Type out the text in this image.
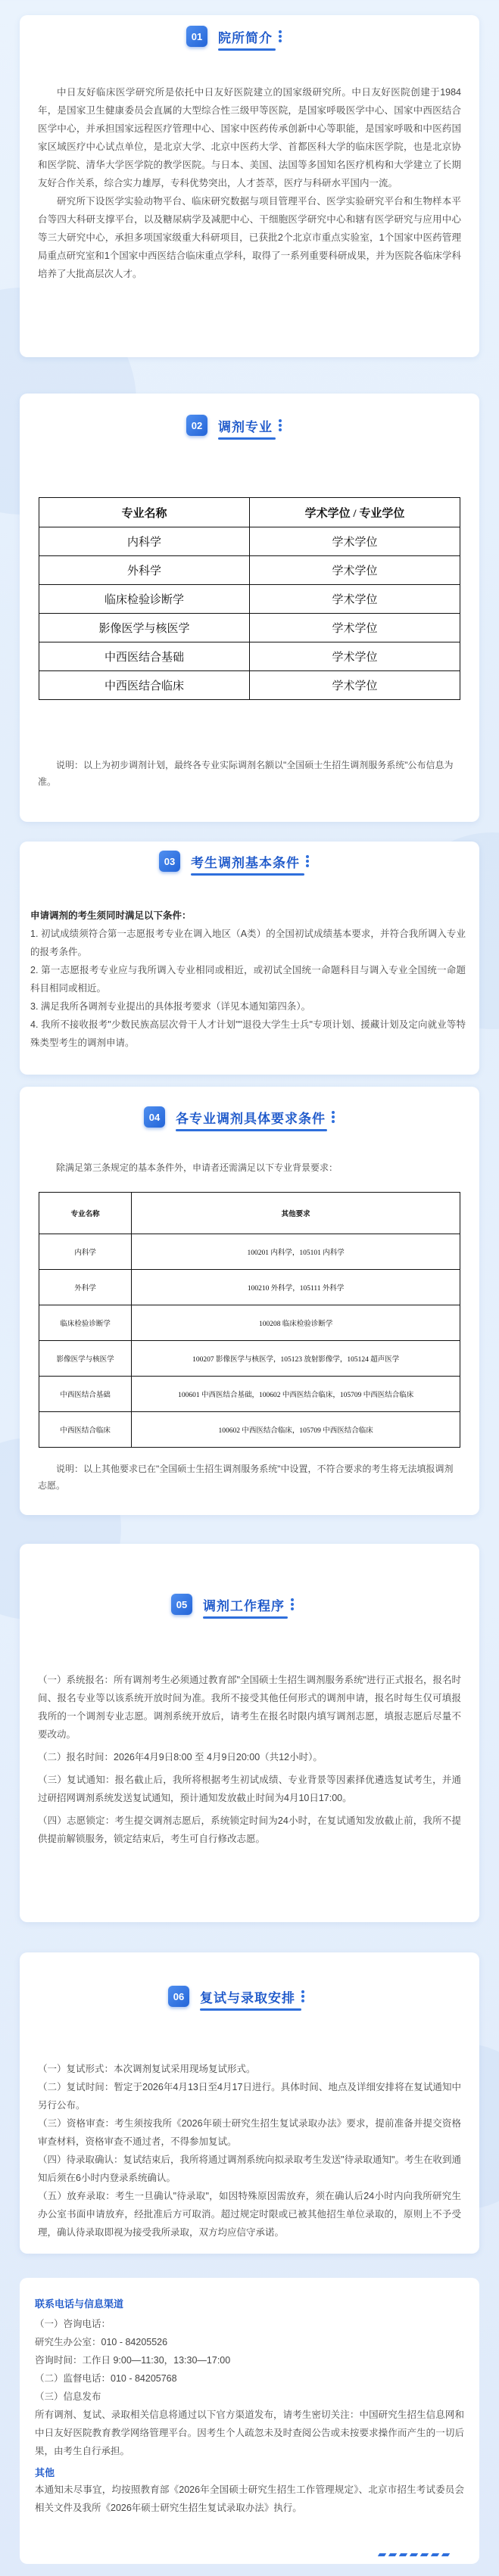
01	院所简介

中日友好临床医学研究所是依托中日友好医院建立的国家级研究所。中日友好医院创建于1984年，是国家卫生健康委员会直属的大型综合性三级甲等医院，是国家呼吸医学中心、国家中西医结合医学中心，并承担国家远程医疗管理中心、国家中医药传承创新中心等职能，是国家呼吸和中医药国家区域医疗中心试点单位，是北京大学、北京中医药大学、首都医科大学的临床医学院，也是北京协和医学院、清华大学医学院的教学医院。与日本、美国、法国等多国知名医疗机构和大学建立了长期友好合作关系，综合实力雄厚，专科优势突出，人才荟萃，医疗与科研水平国内一流。

研究所下设医学实验动物平台、临床研究数据与项目管理平台、医学实验研究平台和生物样本平台等四大科研支撑平台，以及糖尿病学及减肥中心、干细胞医学研究中心和辖有医学研究与应用中心等三大研究中心，承担多项国家级重大科研项目，已获批2个北京市重点实验室，1个国家中医药管理局重点研究室和1个国家中西医结合临床重点学科，取得了一系列重要科研成果，并为医院各临床学科培养了大批高层次人才。

02	调剂专业
专业名称	学术学位 / 专业学位
内科学	学术学位
外科学	学术学位
临床检验诊断学	学术学位
影像医学与核医学	学术学位
中西医结合基础	学术学位
中西医结合临床	学术学位
说明：以上为初步调剂计划，最终各专业实际调剂名额以"全国硕士生招生调剂服务系统"公布信息为准。
03	考生调剂基本条件
申请调剂的考生须同时满足以下条件：
1. 初试成绩须符合第一志愿报考专业在调入地区（A类）的全国初试成绩基本要求，并符合我所调入专业的报考条件。
2. 第一志愿报考专业应与我所调入专业相同或相近，或初试全国统一命题科目与调入专业全国统一命题科目相同或相近。
3. 满足我所各调剂专业提出的具体报考要求（详见本通知第四条）。
4. 我所不接收报考"少数民族高层次骨干人才计划""退役大学生士兵"专项计划、援藏计划及定向就业等特殊类型考生的调剂申请。
04	各专业调剂具体要求条件
除满足第三条规定的基本条件外，申请者还需满足以下专业背景要求：
专业名称	其他要求
内科学	100201 内科学，105101 内科学
外科学	100210 外科学，105111 外科学
临床检验诊断学	100208 临床检验诊断学
影像医学与核医学	100207 影像医学与核医学，105123 放射影像学，105124 超声医学
中西医结合基础	100601 中西医结合基础，100602 中西医结合临床，105709 中西医结合临床
中西医结合临床	100602 中西医结合临床，105709 中西医结合临床
说明：以上其他要求已在"全国硕士生招生调剂服务系统"中设置，不符合要求的考生将无法填报调剂志愿。
05	调剂工作程序
（一）系统报名：所有调剂考生必须通过教育部"全国硕士生招生调剂服务系统"进行正式报名，报名时间、报名专业等以该系统开放时间为准。我所不接受其他任何形式的调剂申请，报名时每生仅可填报我所的一个调剂专业志愿。调剂系统开放后，请考生在报名时限内填写调剂志愿，填报志愿后尽量不要改动。
（二）报名时间：2026年4月9日8:00 至 4月9日20:00（共12小时）。
（三）复试通知：报名截止后，我所将根据考生初试成绩、专业背景等因素择优遴选复试考生，并通过研招网调剂系统发送复试通知，预计通知发放截止时间为4月10日17:00。
（四）志愿锁定：考生提交调剂志愿后，系统锁定时间为24小时，在复试通知发放截止前，我所不提供提前解锁服务，锁定结束后，考生可自行修改志愿。
06	复试与录取安排
（一）复试形式：本次调剂复试采用现场复试形式。
（二）复试时间：暂定于2026年4月13日至4月17日进行。具体时间、地点及详细安排将在复试通知中另行公布。
（三）资格审查：考生须按我所《2026年硕士研究生招生复试录取办法》要求，提前准备并提交资格审查材料，资格审查不通过者，不得参加复试。
（四）待录取确认：复试结束后，我所将通过调剂系统向拟录取考生发送"待录取通知"。考生在收到通知后须在6小时内登录系统确认。
（五）放弃录取：考生一旦确认"待录取"，如因特殊原因需放弃，须在确认后24小时内向我所研究生办公室书面申请放弃，经批准后方可取消。超过规定时限或已被其他招生单位录取的，原则上不予受理，确认待录取即视为接受我所录取，双方均应信守承诺。
联系电话与信息渠道
（一）咨询电话：
研究生办公室：010 - 84205526
咨询时间：工作日 9:00—11:30，13:30—17:00
（二）监督电话：010 - 84205768
（三）信息发布
所有调剂、复试、录取相关信息将通过以下官方渠道发布，请考生密切关注：中国研究生招生信息网和中日友好医院教育教学网络管理平台。因考生个人疏忽未及时查阅公告或未按要求操作而产生的一切后果，由考生自行承担。
其他
本通知未尽事宜，均按照教育部《2026年全国硕士研究生招生工作管理规定》、北京市招生考试委员会相关文件及我所《2026年硕士研究生招生复试录取办法》执行。
